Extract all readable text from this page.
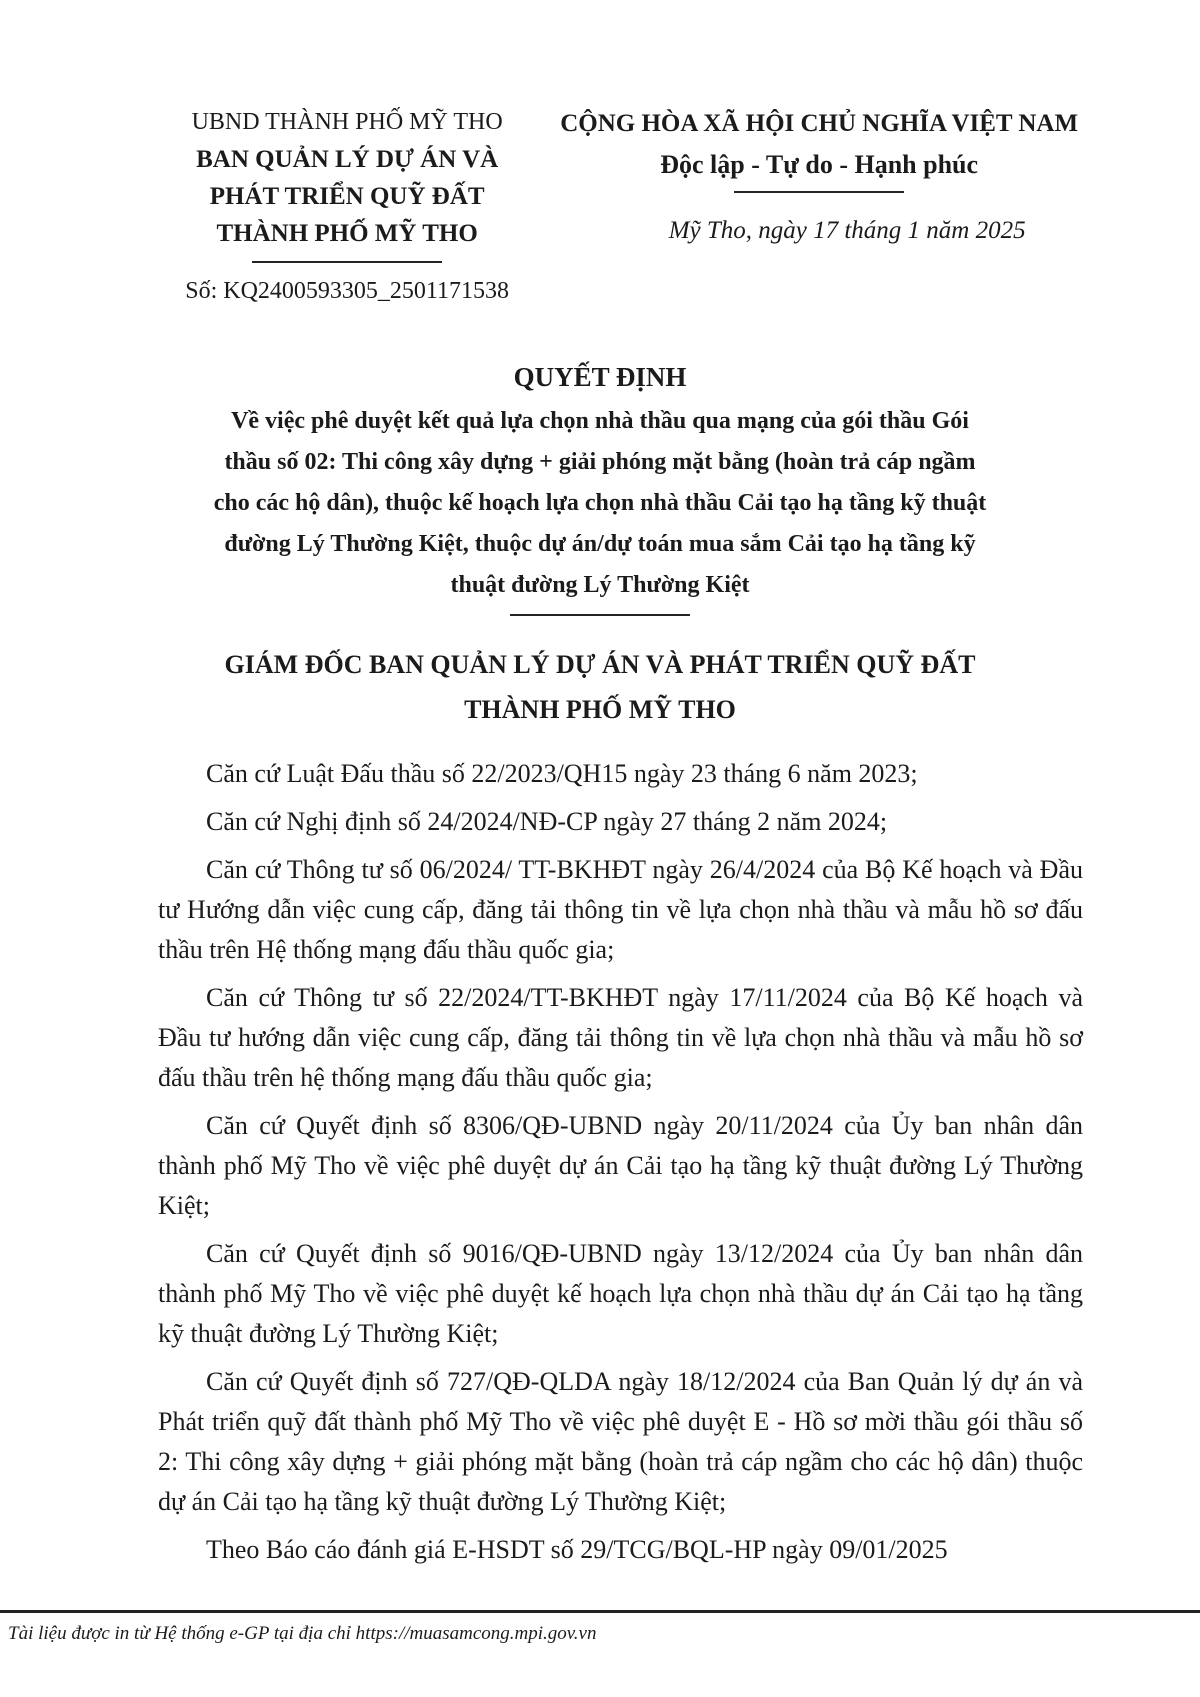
UBND THÀNH PHỐ MỸ THO
BAN QUẢN LÝ DỰ ÁN VÀ
PHÁT TRIỂN QUỸ ĐẤT
THÀNH PHỐ MỸ THO
Số: KQ2400593305_2501171538
CỘNG HÒA XÃ HỘI CHỦ NGHĨA VIỆT NAM
Độc lập - Tự do - Hạnh phúc
Mỹ Tho, ngày 17 tháng 1 năm 2025
QUYẾT ĐỊNH
Về việc phê duyệt kết quả lựa chọn nhà thầu qua mạng của gói thầu Gói
thầu số 02: Thi công xây dựng + giải phóng mặt bằng (hoàn trả cáp ngầm
cho các hộ dân), thuộc kế hoạch lựa chọn nhà thầu Cải tạo hạ tầng kỹ thuật
đường Lý Thường Kiệt, thuộc dự án/dự toán mua sắm Cải tạo hạ tầng kỹ
thuật đường Lý Thường Kiệt
GIÁM ĐỐC BAN QUẢN LÝ DỰ ÁN VÀ PHÁT TRIỂN QUỸ ĐẤT
THÀNH PHỐ MỸ THO

Căn cứ Luật Đấu thầu số 22/2023/QH15 ngày 23 tháng 6 năm 2023;

Căn cứ Nghị định số 24/2024/NĐ-CP ngày 27 tháng 2 năm 2024;

Căn cứ Thông tư số 06/2024/ TT-BKHĐT ngày 26/4/2024 của Bộ Kế hoạch và Đầu tư Hướng dẫn việc cung cấp, đăng tải thông tin về lựa chọn nhà thầu và mẫu hồ sơ đấu thầu trên Hệ thống mạng đấu thầu quốc gia;

Căn cứ Thông tư số 22/2024/TT-BKHĐT ngày 17/11/2024 của Bộ Kế hoạch và Đầu tư hướng dẫn việc cung cấp, đăng tải thông tin về lựa chọn nhà thầu và mẫu hồ sơ đấu thầu trên hệ thống mạng đấu thầu quốc gia;

Căn cứ Quyết định số 8306/QĐ-UBND ngày 20/11/2024 của Ủy ban nhân dân thành phố Mỹ Tho về việc phê duyệt dự án Cải tạo hạ tầng kỹ thuật đường Lý Thường Kiệt;

Căn cứ Quyết định số 9016/QĐ-UBND ngày 13/12/2024 của Ủy ban nhân dân thành phố Mỹ Tho về việc phê duyệt kế hoạch lựa chọn nhà thầu dự án Cải tạo hạ tầng kỹ thuật đường Lý Thường Kiệt;

Căn cứ Quyết định số 727/QĐ-QLDA ngày 18/12/2024 của Ban Quản lý dự án và Phát triển quỹ đất thành phố Mỹ Tho về việc phê duyệt E - Hồ sơ mời thầu gói thầu số 2: Thi công xây dựng + giải phóng mặt bằng (hoàn trả cáp ngầm cho các hộ dân) thuộc dự án Cải tạo hạ tầng kỹ thuật đường Lý Thường Kiệt;

Theo Báo cáo đánh giá E-HSDT số 29/TCG/BQL-HP ngày 09/01/2025

Tài liệu được in từ Hệ thống e-GP tại địa chỉ https://muasamcong.mpi.gov.vn
